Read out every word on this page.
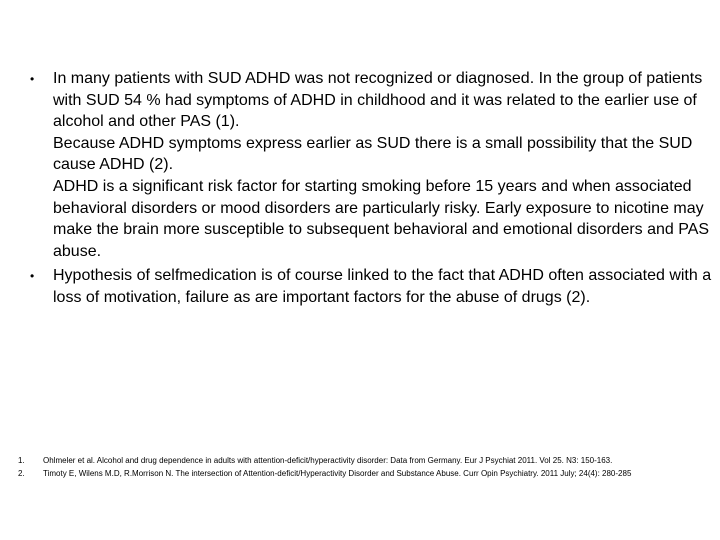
• In many patients with SUD ADHD was not recognized or diagnosed. In the group of patients with SUD 54 % had symptoms of ADHD in childhood and it was related to the earlier use of alcohol and other PAS (1).

Because ADHD symptoms express earlier as SUD there is a small possibility that the SUD cause ADHD (2).

ADHD is a significant risk factor for starting smoking before 15 years and when associated behavioral disorders or mood disorders are particularly risky. Early exposure to nicotine may make the brain more susceptible to subsequent behavioral and emotional disorders and PAS abuse.

• Hypothesis of selfmedication is of course linked to the fact that ADHD often associated with a loss of motivation, failure as are important factors for the abuse of drugs (2).

1. Ohlmeler et al. Alcohol and drug dependence in adults with attention-deficit/hyperactivity disorder: Data from Germany. Eur J Psychiat 2011. Vol 25. N3: 150-163.
2. Timoty E, Wilens M.D, R.Morrison N. The intersection of Attention-deficit/Hyperactivity Disorder and Substance Abuse. Curr Opin Psychiatry. 2011 July; 24(4): 280-285
